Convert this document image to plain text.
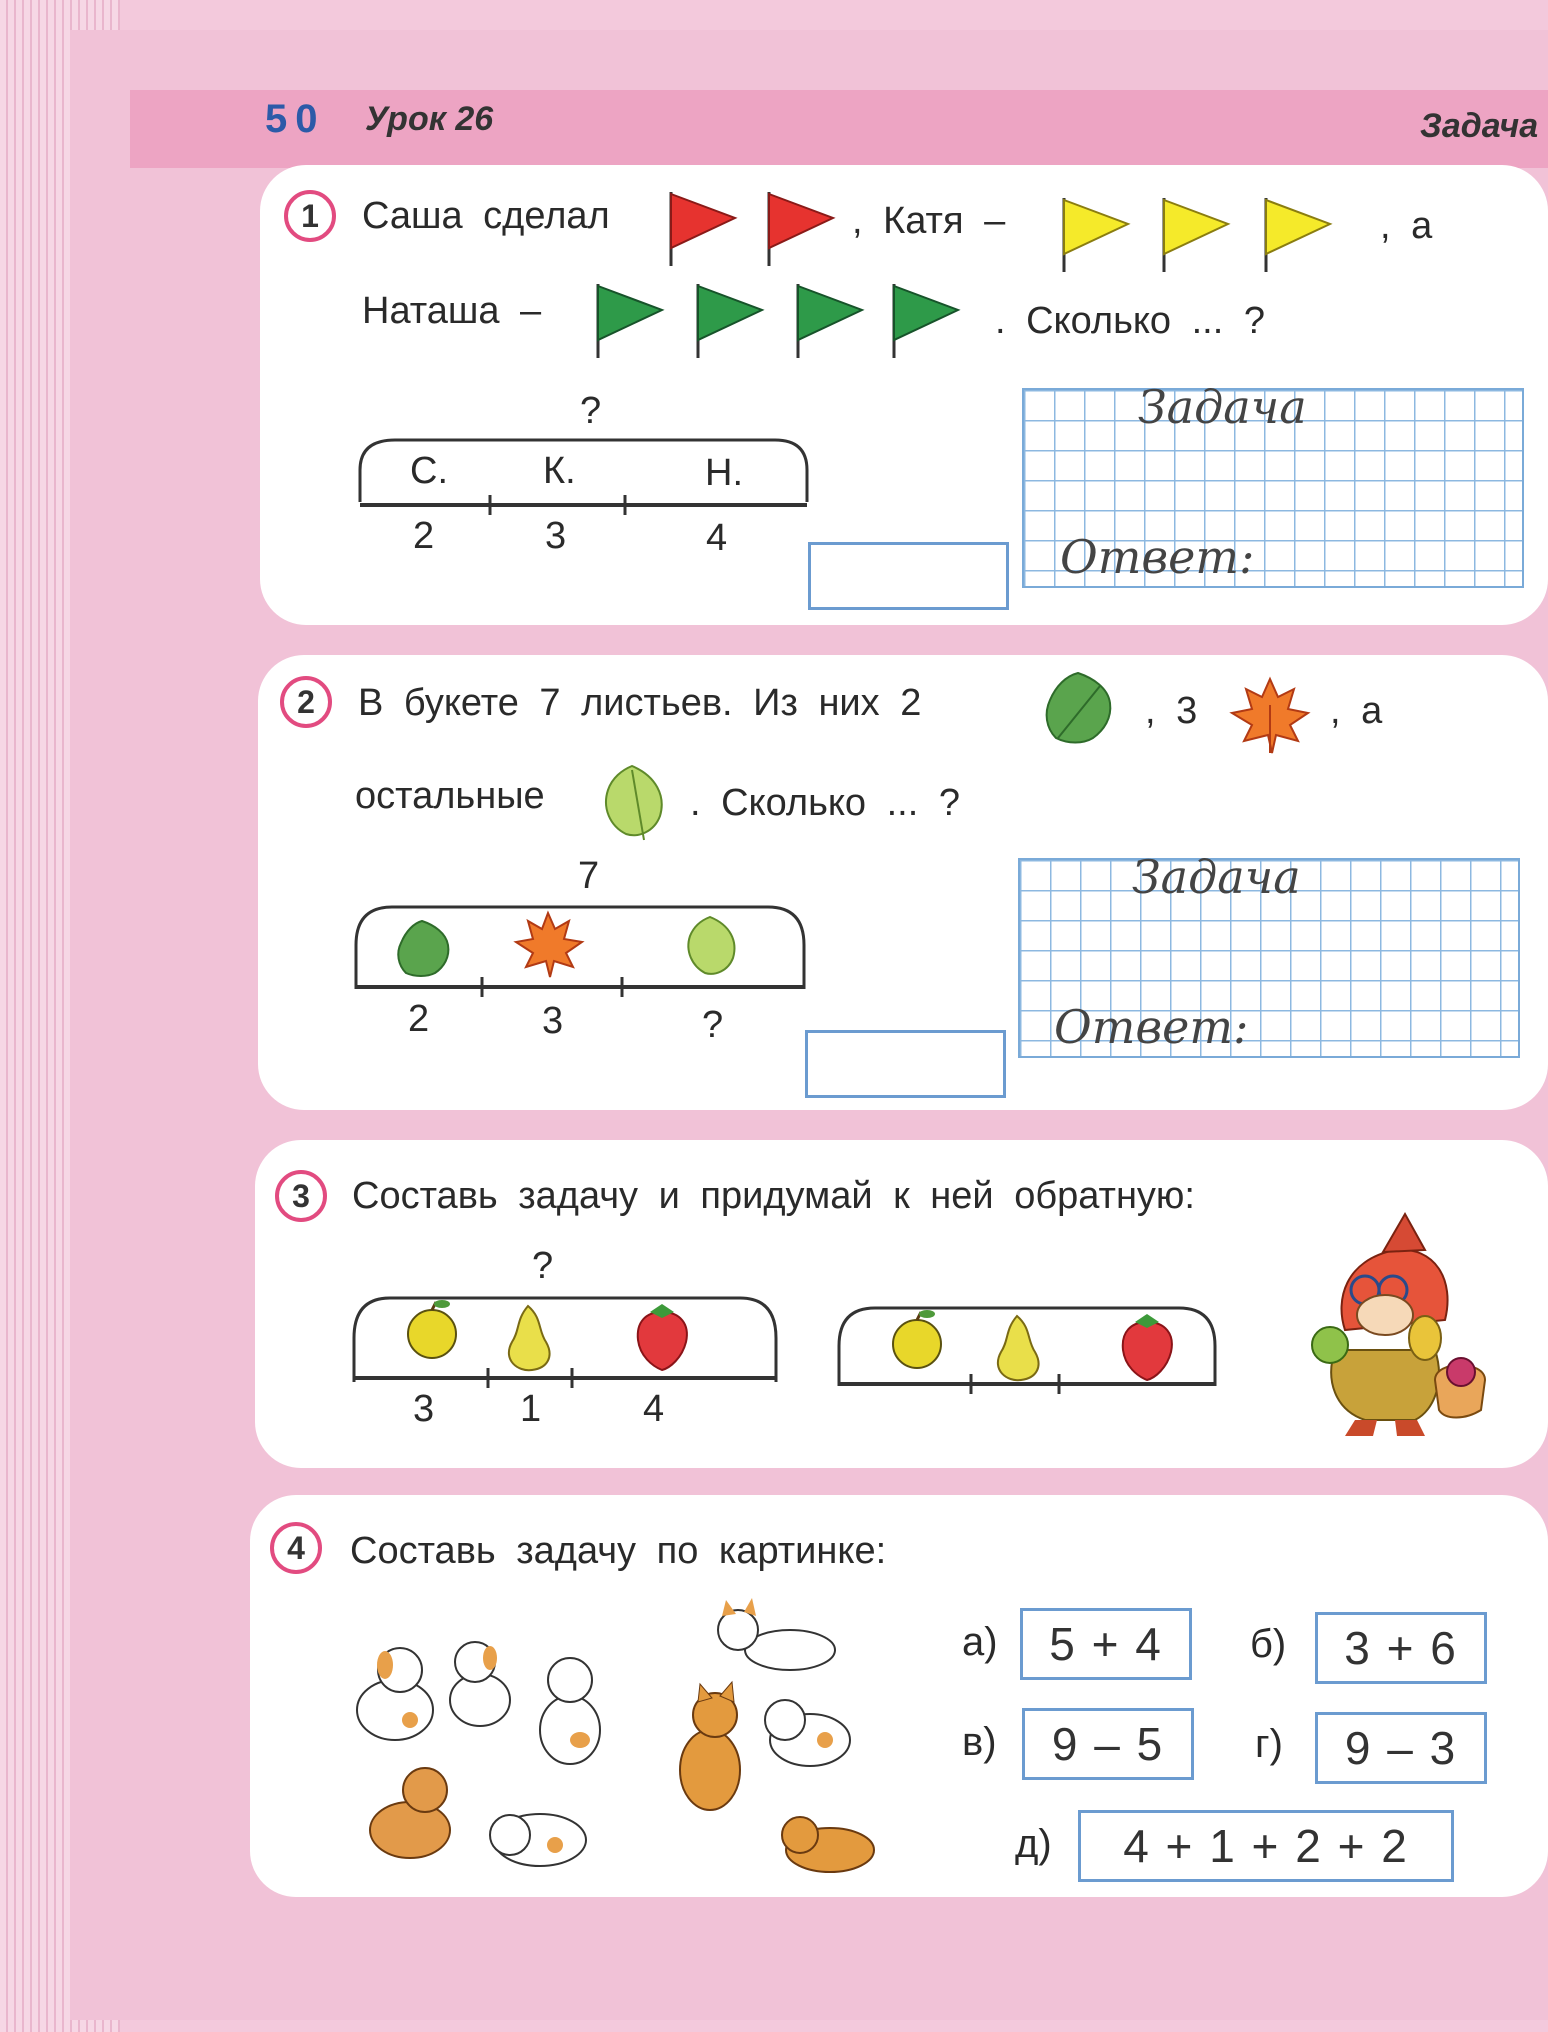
50 Урок 26	Задача
1	Саша сделал	, Катя –	, а
Наташа –	. Сколько ... ?
?
С.	К.	Н.
2	3	4
Задача
Ответ:
2	В букете 7 листьев. Из них 2	, 3	, а
остальные	. Сколько ... ?
7
2	3	?
Задача
Ответ:
3	Составь задачу и придумай к ней обратную:
?
3 1	4
4	Составь задачу по картинке:
а)	5 + 4	б)	3 + 6
в)	9 – 5	г)	9 – 3
д)	4 + 1 + 2 + 2
